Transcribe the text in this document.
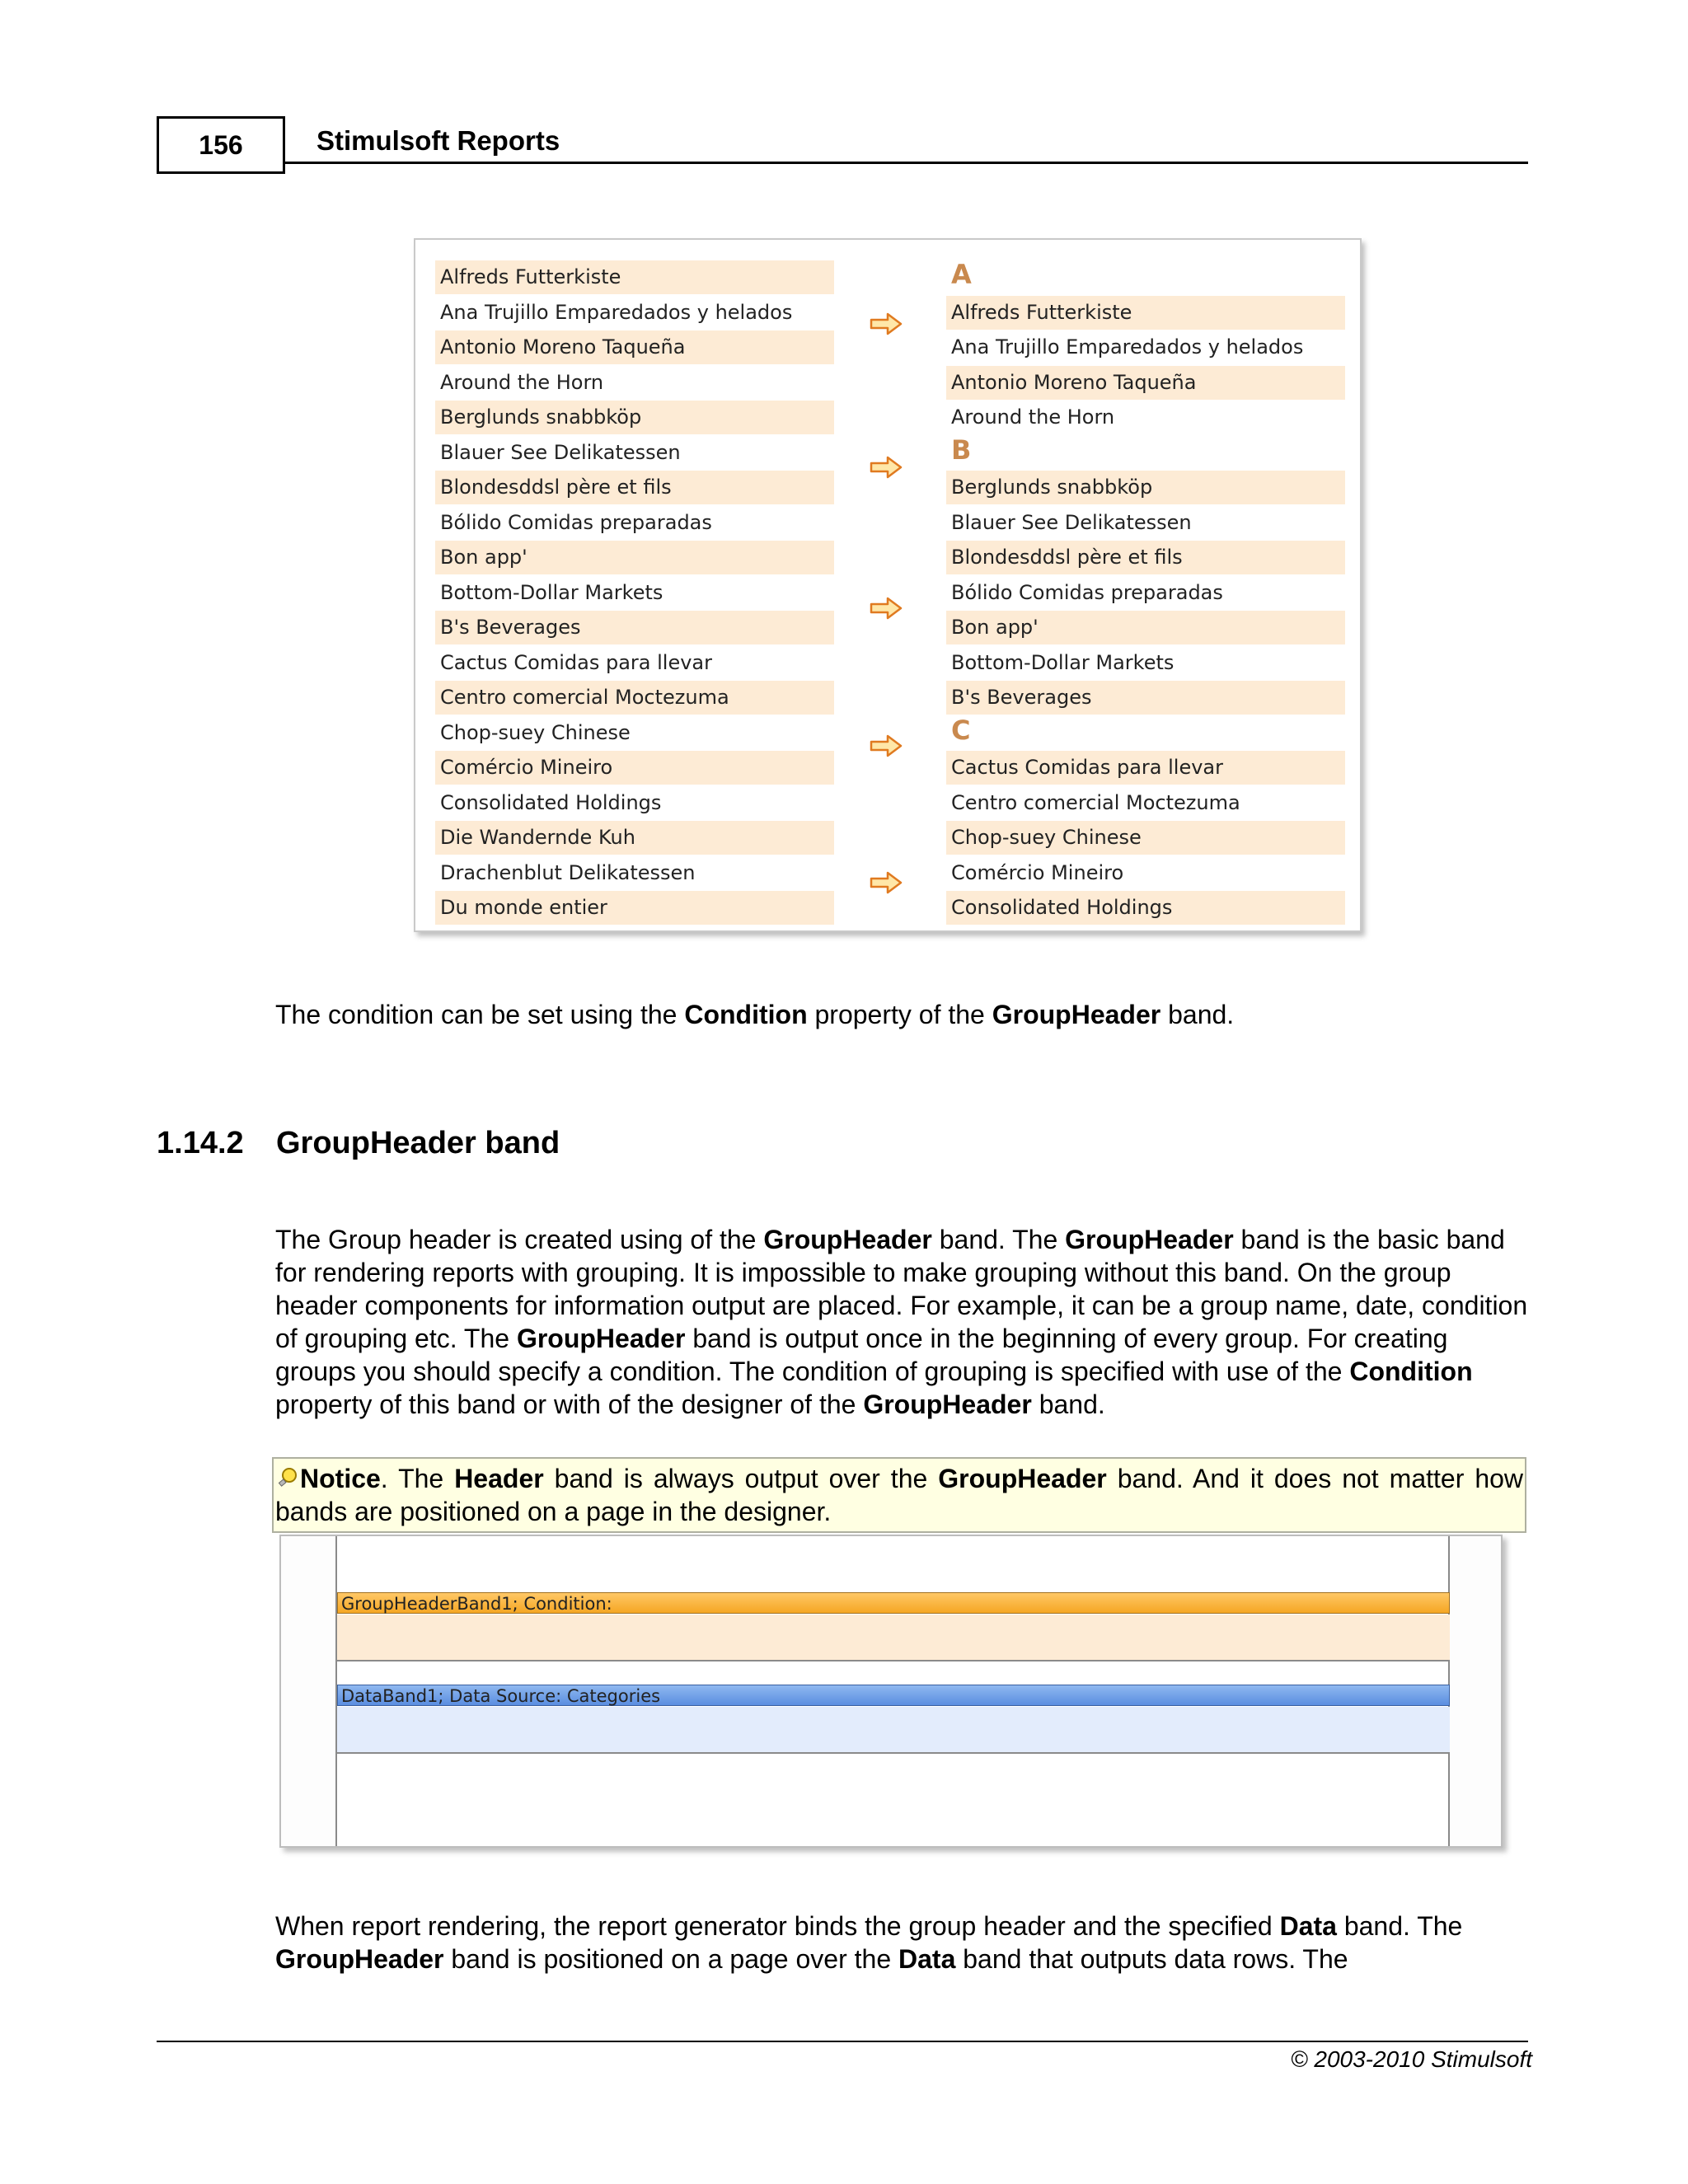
156	Stimulsoft Reports
Alfreds Futterkiste
Ana Trujillo Emparedados y helados
Antonio Moreno Taqueña
Around the Horn
Berglunds snabbköp
Blauer See Delikatessen
Blondesddsl père et fils
Bólido Comidas preparadas
Bon app'
Bottom-Dollar Markets
B's Beverages
Cactus Comidas para llevar
Centro comercial Moctezuma
Chop-suey Chinese
Comércio Mineiro
Consolidated Holdings
Die Wandernde Kuh
Drachenblut Delikatessen
Du monde entier
A
Alfreds Futterkiste
Ana Trujillo Emparedados y helados
Antonio Moreno Taqueña
Around the Horn
B
Berglunds snabbköp
Blauer See Delikatessen
Blondesddsl père et fils
Bólido Comidas preparadas
Bon app'
Bottom-Dollar Markets
B's Beverages
C
Cactus Comidas para llevar
Centro comercial Moctezuma
Chop-suey Chinese
Comércio Mineiro
Consolidated Holdings
The condition can be set using the Condition property of the GroupHeader band.
1.14.2 GroupHeader band
The Group header is created using of the GroupHeader band. The GroupHeader band is the basic band for rendering reports with grouping. It is impossible to make grouping without this band. On the group header components for information output are placed. For example, it can be a group name, date, condition of grouping etc. The GroupHeader band is output once in the beginning of every group. For creating groups you should specify a condition. The condition of grouping is specified with use of the Condition property of this band or with of the designer of the GroupHeader band.
Notice. The Header band is always output over the GroupHeader band. And it does not matter how bands are positioned on a page in the designer.
GroupHeaderBand1; Condition:
DataBand1; Data Source: Categories
When report rendering, the report generator binds the group header and the specified Data band. The GroupHeader band is positioned on a page over the Data band that outputs data rows. The
© 2003-2010 Stimulsoft
